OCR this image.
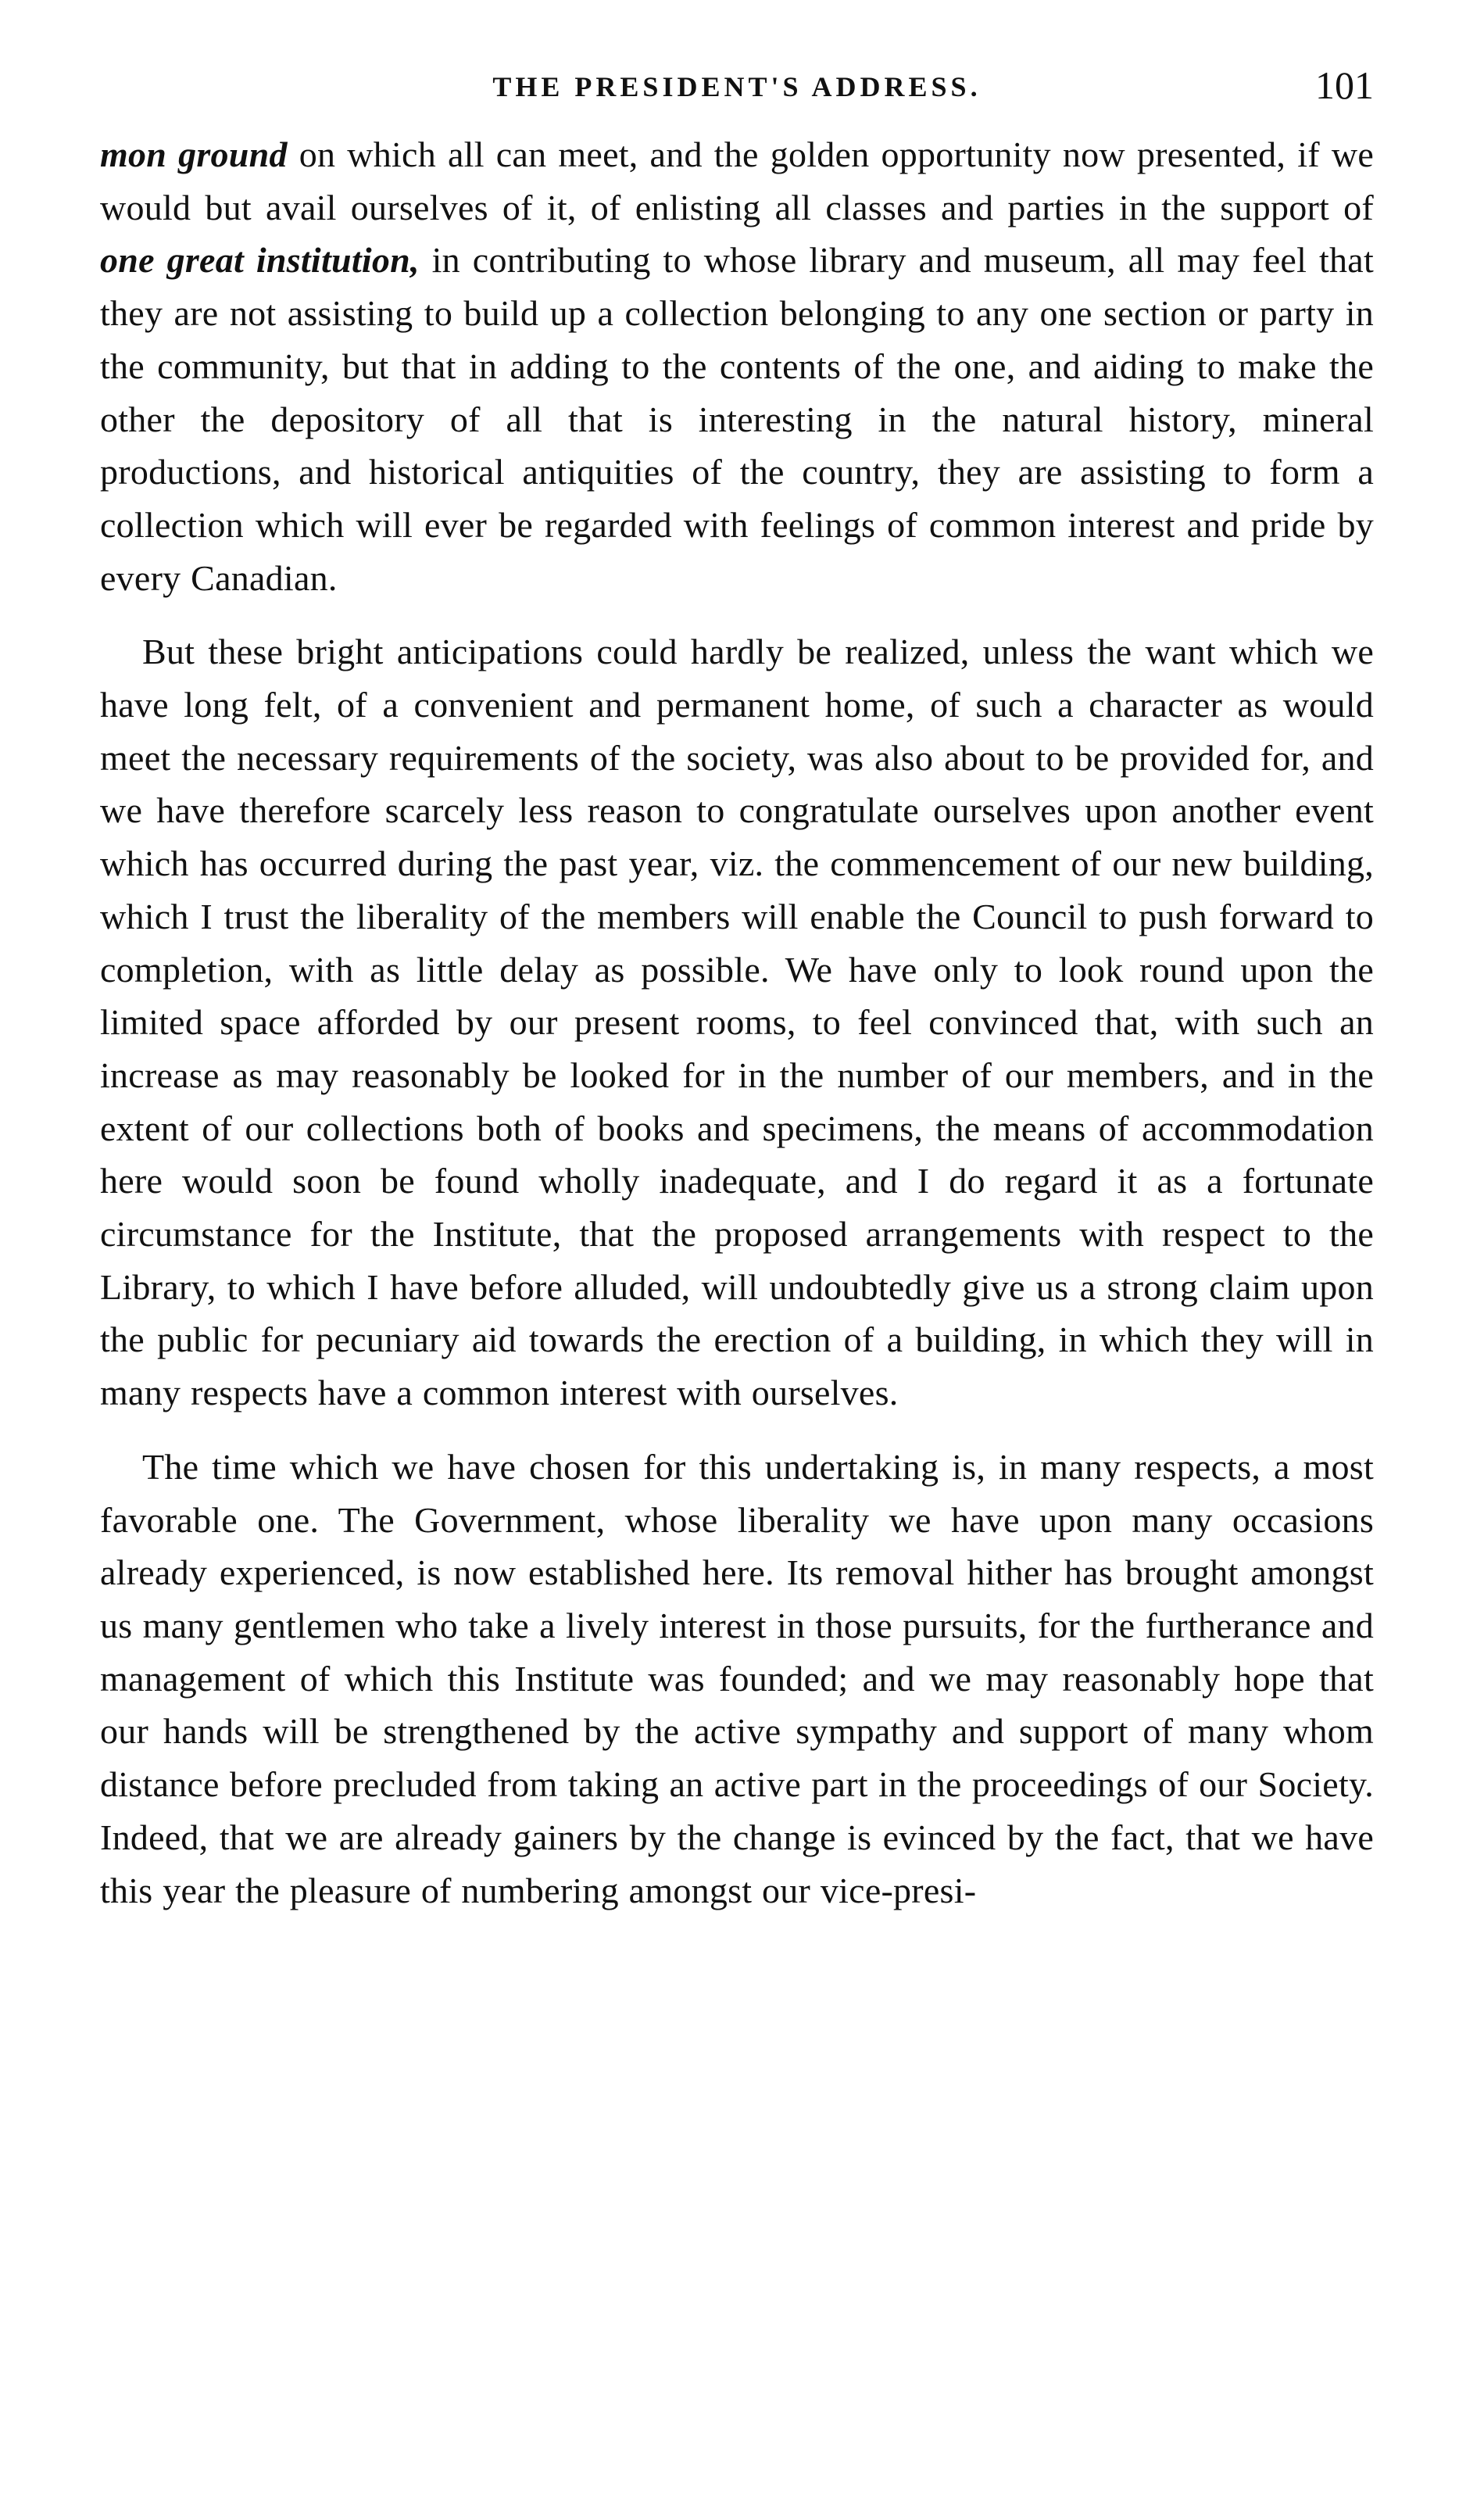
THE PRESIDENT'S ADDRESS.	101

mon ground on which all can meet, and the golden opportunity now presented, if we would but avail ourselves of it, of enlisting all classes and parties in the support of one great institution, in contributing to whose library and museum, all may feel that they are not assisting to build up a collection belonging to any one section or party in the community, but that in adding to the contents of the one, and aiding to make the other the depository of all that is interesting in the natural history, mineral productions, and historical antiquities of the country, they are assisting to form a collection which will ever be regarded with feelings of common interest and pride by every Canadian.

But these bright anticipations could hardly be realized, unless the want which we have long felt, of a convenient and permanent home, of such a character as would meet the necessary requirements of the society, was also about to be provided for, and we have therefore scarcely less reason to congratulate ourselves upon another event which has occurred during the past year, viz. the commencement of our new building, which I trust the liberality of the members will enable the Council to push forward to completion, with as little delay as possible. We have only to look round upon the limited space afforded by our present rooms, to feel convinced that, with such an increase as may reasonably be looked for in the number of our members, and in the extent of our collections both of books and specimens, the means of accommodation here would soon be found wholly inadequate, and I do regard it as a fortunate circumstance for the Institute, that the proposed arrangements with respect to the Library, to which I have before alluded, will undoubtedly give us a strong claim upon the public for pecuniary aid towards the erection of a building, in which they will in many respects have a common interest with ourselves.

The time which we have chosen for this undertaking is, in many respects, a most favorable one. The Government, whose liberality we have upon many occasions already experienced, is now established here. Its removal hither has brought amongst us many gentlemen who take a lively interest in those pursuits, for the furtherance and management of which this Institute was founded; and we may reasonably hope that our hands will be strengthened by the active sympathy and support of many whom distance before precluded from taking an active part in the proceedings of our Society. Indeed, that we are already gainers by the change is evinced by the fact, that we have this year the pleasure of numbering amongst our vice-presi-
